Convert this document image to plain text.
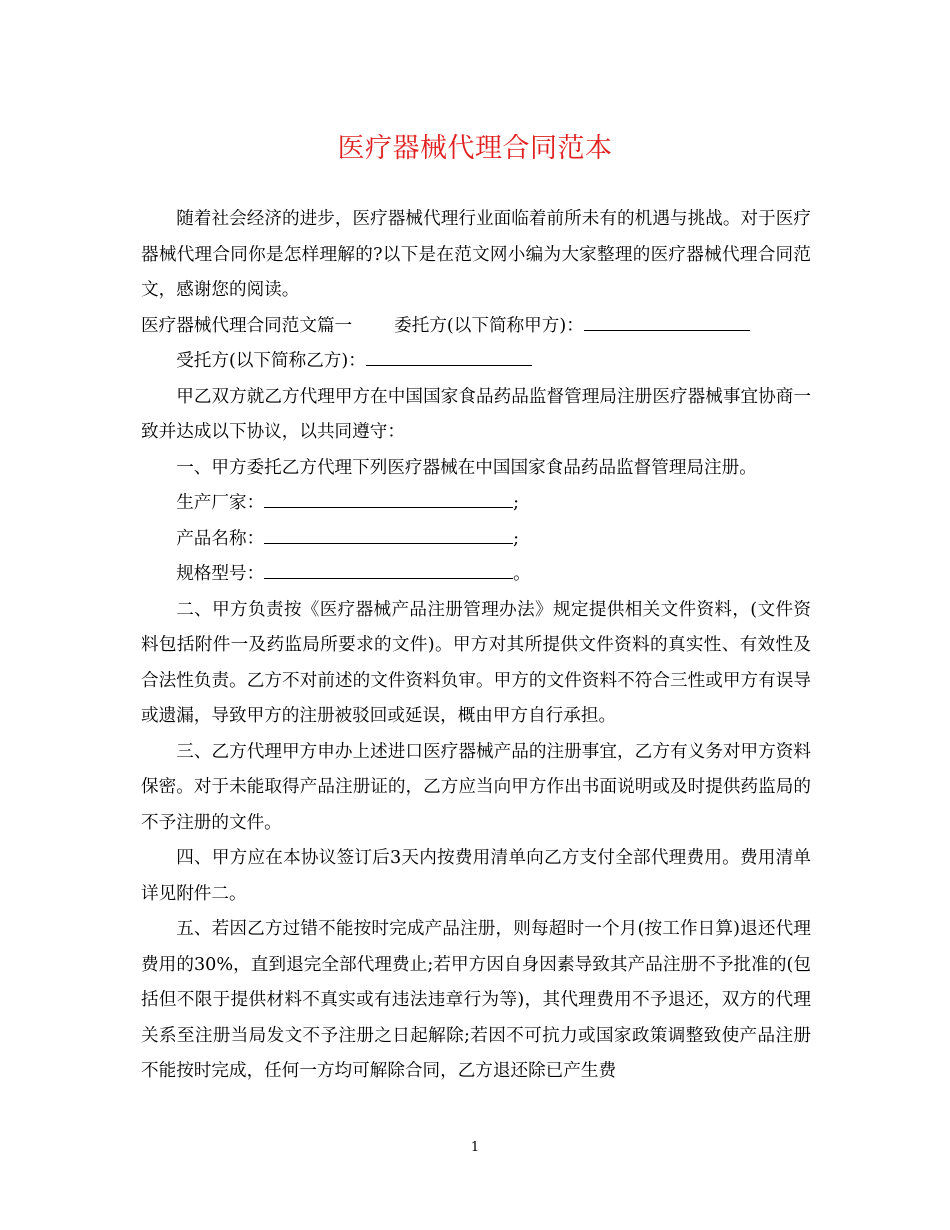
医疗器械代理合同范本

随着社会经济的进步，医疗器械代理行业面临着前所未有的机遇与挑战。对于医疗器械代理合同你是怎样理解的?以下是在范文网小编为大家整理的医疗器械代理合同范文，感谢您的阅读。

医疗器械代理合同范文篇一 委托方(以下简称甲方)：

受托方(以下简称乙方)：

甲乙双方就乙方代理甲方在中国国家食品药品监督管理局注册医疗器械事宜协商一致并达成以下协议，以共同遵守：

一、甲方委托乙方代理下列医疗器械在中国国家食品药品监督管理局注册。

生产厂家：	;

产品名称：	;

规格型号：	。

二、甲方负责按《医疗器械产品注册管理办法》规定提供相关文件资料，(文件资料包括附件一及药监局所要求的文件)。甲方对其所提供文件资料的真实性、有效性及合法性负责。乙方不对前述的文件资料负审。甲方的文件资料不符合三性或甲方有误导或遗漏，导致甲方的注册被驳回或延误，概由甲方自行承担。

三、乙方代理甲方申办上述进口医疗器械产品的注册事宜，乙方有义务对甲方资料保密。对于未能取得产品注册证的，乙方应当向甲方作出书面说明或及时提供药监局的不予注册的文件。

四、甲方应在本协议签订后3天内按费用清单向乙方支付全部代理费用。费用清单详见附件二。

五、若因乙方过错不能按时完成产品注册，则每超时一个月(按工作日算)退还代理费用的30%，直到退完全部代理费止;若甲方因自身因素导致其产品注册不予批准的(包括但不限于提供材料不真实或有违法违章行为等)，其代理费用不予退还，双方的代理关系至注册当局发文不予注册之日起解除;若因不可抗力或国家政策调整致使产品注册不能按时完成，任何一方均可解除合同，乙方退还除已产生费

1
